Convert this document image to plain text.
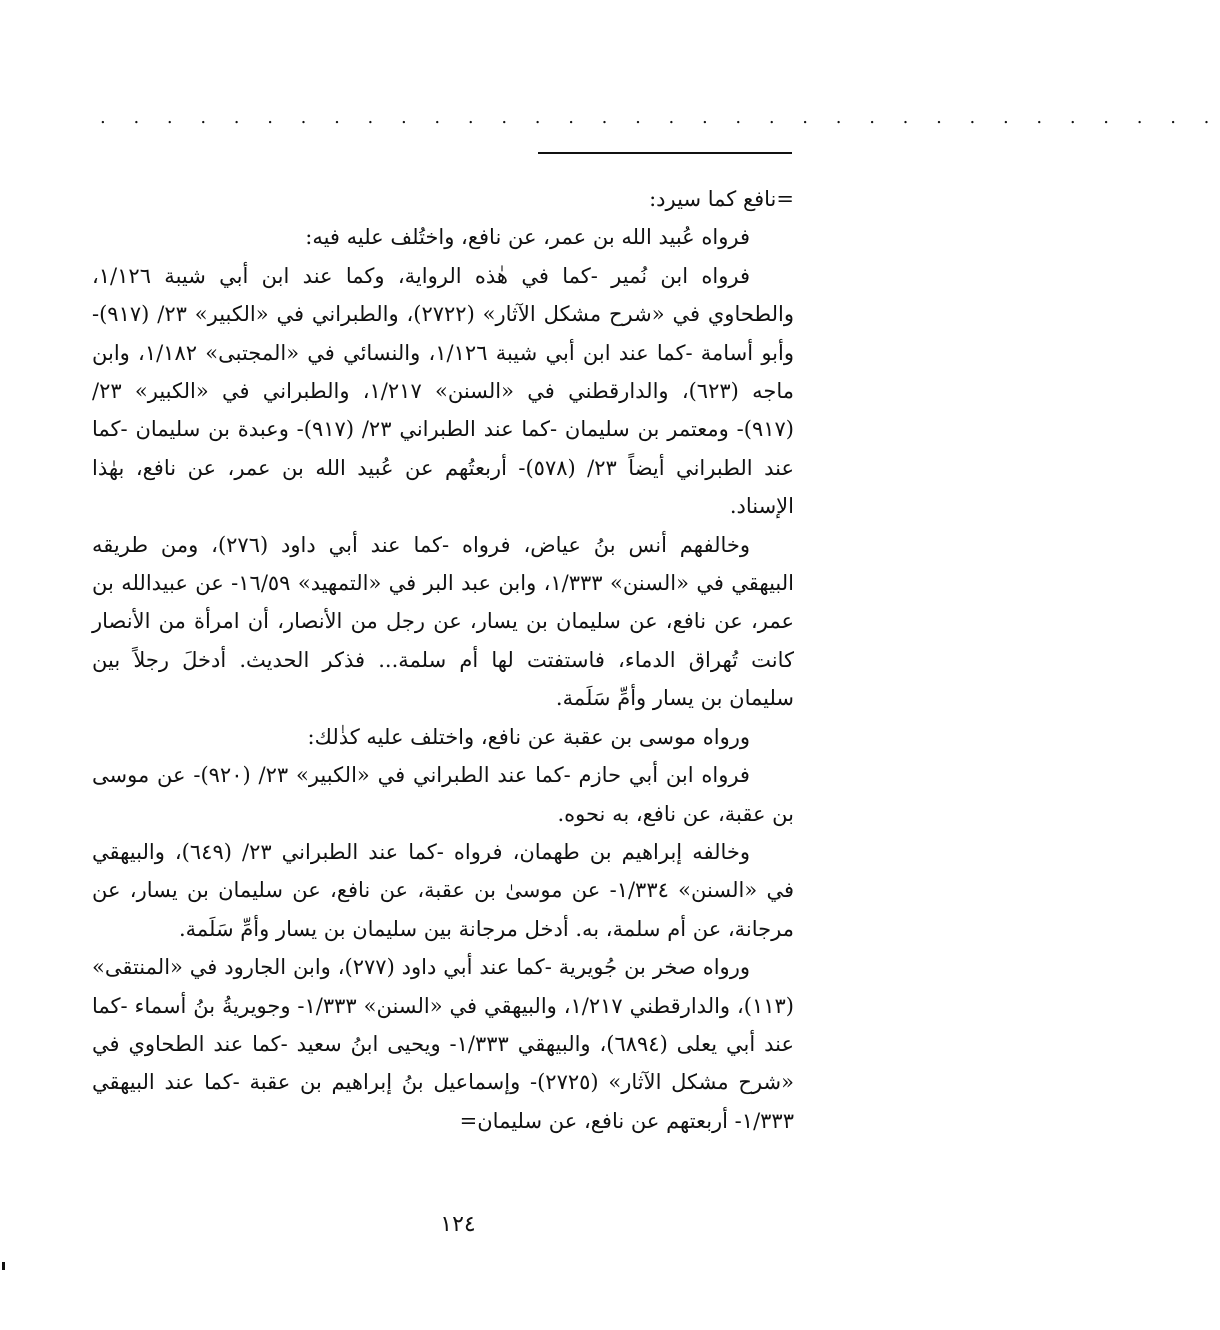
. . . . . . . . . . . . . . . . . . . . . . . . . . . . . . . . . .

=نافع كما سيرد:

فرواه عُبيد الله بن عمر، عن نافع، واختُلف عليه فيه:

فرواه ابن نُمير -كما في هٰذه الرواية، وكما عند ابن أبي شيبة ١/١٢٦، والطحاوي في «شرح مشكل الآثار» (٢٧٢٢)، والطبراني في «الكبير» ٢٣/ (٩١٧)- وأبو أسامة -كما عند ابن أبي شيبة ١/١٢٦، والنسائي في «المجتبى» ١/١٨٢، وابن ماجه (٦٢٣)، والدارقطني في «السنن» ١/٢١٧، والطبراني في «الكبير» ٢٣/ (٩١٧)- ومعتمر بن سليمان -كما عند الطبراني ٢٣/ (٩١٧)- وعبدة بن سليمان -كما عند الطبراني أيضاً ٢٣/ (٥٧٨)- أربعتُهم عن عُبيد الله بن عمر، عن نافع، بهٰذا الإسناد.

وخالفهم أنس بنُ عياض، فرواه -كما عند أبي داود (٢٧٦)، ومن طريقه البيهقي في «السنن» ١/٣٣٣، وابن عبد البر في «التمهيد» ١٦/٥٩- عن عبيدالله بن عمر، عن نافع، عن سليمان بن يسار، عن رجل من الأنصار، أن امرأة من الأنصار كانت تُهراق الدماء، فاستفتت لها أم سلمة... فذكر الحديث. أدخلَ رجلاً بين سليمان بن يسار وأمِّ سَلَمة.

ورواه موسى بن عقبة عن نافع، واختلف عليه كذٰلك:

فرواه ابن أبي حازم -كما عند الطبراني في «الكبير» ٢٣/ (٩٢٠)- عن موسى بن عقبة، عن نافع، به نحوه.

وخالفه إبراهيم بن طهمان، فرواه -كما عند الطبراني ٢٣/ (٦٤٩)، والبيهقي في «السنن» ١/٣٣٤- عن موسىٰ بن عقبة، عن نافع، عن سليمان بن يسار، عن مرجانة، عن أم سلمة، به. أدخل مرجانة بين سليمان بن يسار وأمِّ سَلَمة.

ورواه صخر بن جُويرية -كما عند أبي داود (٢٧٧)، وابن الجارود في «المنتقى» (١١٣)، والدارقطني ١/٢١٧، والبيهقي في «السنن» ١/٣٣٣- وجويريةُ بنُ أسماء -كما عند أبي يعلى (٦٨٩٤)، والبيهقي ١/٣٣٣- ويحيى ابنُ سعيد -كما عند الطحاوي في «شرح مشكل الآثار» (٢٧٢٥)- وإسماعيل بنُ إبراهيم بن عقبة -كما عند البيهقي ١/٣٣٣- أربعتهم عن نافع، عن سليمان=

١٢٤
